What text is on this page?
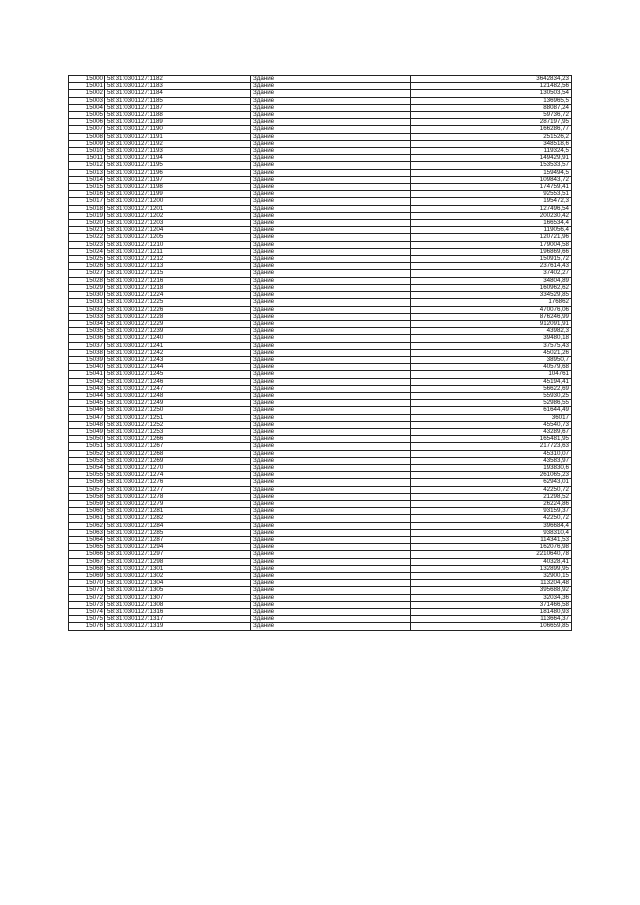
15000	58:31:0301127:1182	Здание	3642834,23
15001	58:31:0301127:1183	Здание	121482,56
15002	58:31:0301127:1184	Здание	130503,54
15003	58:31:0301127:1185	Здание	136965,5
15004	58:31:0301127:1187	Здание	88087,24
15005	58:31:0301127:1188	Здание	59736,72
15006	58:31:0301127:1189	Здание	287197,95
15007	58:31:0301127:1190	Здание	166286,77
15008	58:31:0301127:1191	Здание	251526,2
15009	58:31:0301127:1192	Здание	348518,6
15010	58:31:0301127:1193	Здание	119324,5
15011	58:31:0301127:1194	Здание	149429,91
15012	58:31:0301127:1195	Здание	153533,57
15013	58:31:0301127:1196	Здание	159494,5
15014	58:31:0301127:1197	Здание	109843,72
15015	58:31:0301127:1198	Здание	174759,41
15016	58:31:0301127:1199	Здание	92553,51
15017	58:31:0301127:1200	Здание	195472,3
15018	58:31:0301127:1201	Здание	127496,54
15019	58:31:0301127:1202	Здание	200230,42
15020	58:31:0301127:1203	Здание	166534,4
15021	58:31:0301127:1204	Здание	119056,4
15022	58:31:0301127:1205	Здание	120721,96
15023	58:31:0301127:1210	Здание	179004,58
15024	58:31:0301127:1211	Здание	196869,66
15025	58:31:0301127:1212	Здание	150915,72
15026	58:31:0301127:1213	Здание	237614,43
15027	58:31:0301127:1215	Здание	37402,27
15028	58:31:0301127:1216	Здание	34804,89
15029	58:31:0301127:1218	Здание	160962,62
15030	58:31:0301127:1224	Здание	334529,85
15031	58:31:0301127:1225	Здание	176862
15032	58:31:0301127:1226	Здание	470076,06
15033	58:31:0301127:1228	Здание	876246,99
15034	58:31:0301127:1229	Здание	912091,91
15035	58:31:0301127:1239	Здание	43982,3
15036	58:31:0301127:1240	Здание	39480,18
15037	58:31:0301127:1241	Здание	37575,43
15038	58:31:0301127:1242	Здание	45021,26
15039	58:31:0301127:1243	Здание	38950,7
15040	58:31:0301127:1244	Здание	40579,68
15041	58:31:0301127:1245	Здание	104761
15042	58:31:0301127:1246	Здание	45194,41
15043	58:31:0301127:1247	Здание	56622,69
15044	58:31:0301127:1248	Здание	55930,25
15045	58:31:0301127:1249	Здание	52986,55
15046	58:31:0301127:1250	Здание	61644,49
15047	58:31:0301127:1251	Здание	36017
15048	58:31:0301127:1252	Здание	45540,73
15049	58:31:0301127:1253	Здание	43289,67
15050	58:31:0301127:1266	Здание	165481,95
15051	58:31:0301127:1267	Здание	217723,63
15052	58:31:0301127:1268	Здание	45310,07
15053	58:31:0301127:1269	Здание	43583,97
15054	58:31:0301127:1270	Здание	193830,6
15055	58:31:0301127:1274	Здание	261065,23
15056	58:31:0301127:1276	Здание	62943,01
15057	58:31:0301127:1277	Здание	42250,72
15058	58:31:0301127:1278	Здание	21298,52
15059	58:31:0301127:1279	Здание	26224,86
15060	58:31:0301127:1281	Здание	93159,37
15061	58:31:0301127:1282	Здание	42250,72
15062	58:31:0301127:1284	Здание	396684,4
15063	58:31:0301127:1285	Здание	938310,4
15064	58:31:0301127:1287	Здание	114341,53
15065	58:31:0301127:1294	Здание	162076,98
15066	58:31:0301127:1297	Здание	2210640,78
15067	58:31:0301127:1298	Здание	40328,41
15068	58:31:0301127:1301	Здание	132899,95
15069	58:31:0301127:1302	Здание	32900,15
15070	58:31:0301127:1304	Здание	113204,48
15071	58:31:0301127:1305	Здание	395688,92
15072	58:31:0301127:1307	Здание	32034,36
15073	58:31:0301127:1308	Здание	371466,58
15074	58:31:0301127:1316	Здание	181480,93
15075	58:31:0301127:1317	Здание	113664,37
15076	58:31:0301127:1319	Здание	106659,85
